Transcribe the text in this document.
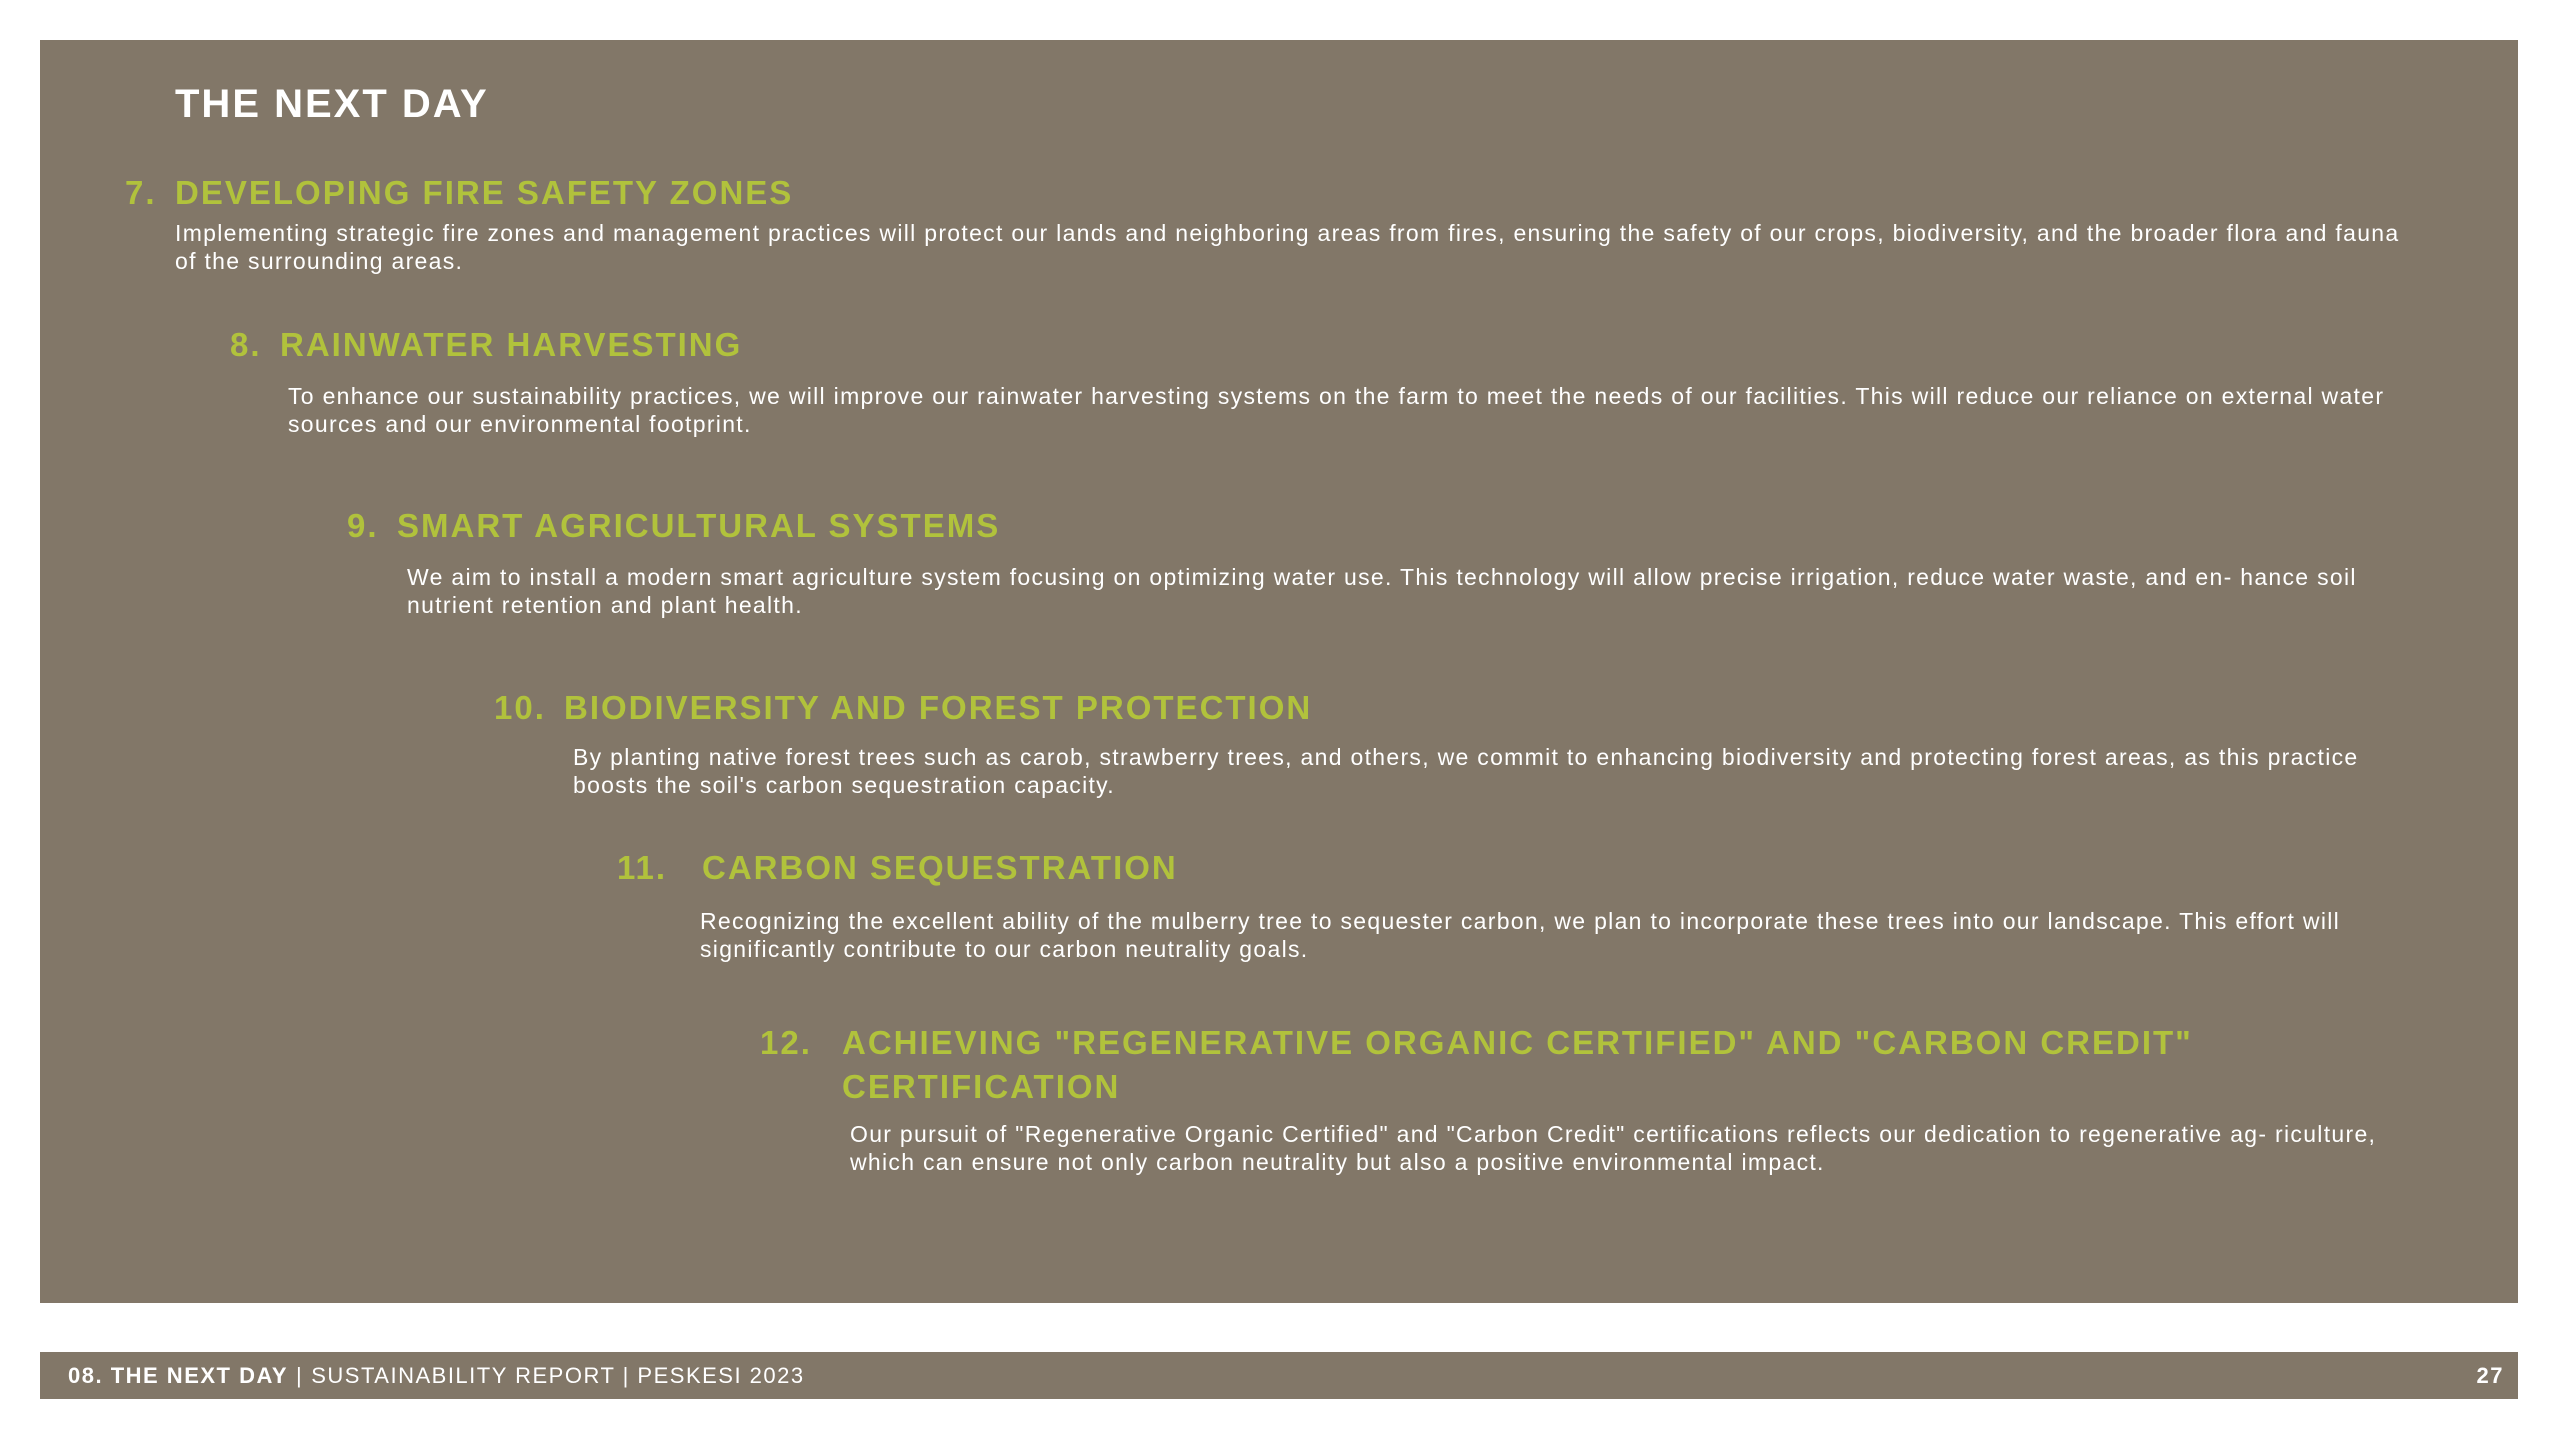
THE NEXT DAY
7. DEVELOPING FIRE SAFETY ZONES

Implementing strategic fire zones and management practices will protect our lands and neighboring areas from fires, ensuring the safety of our crops, biodiversity, and the broader flora and fauna of the surrounding areas.

8. RAINWATER HARVESTING

To enhance our sustainability practices, we will improve our rainwater harvesting systems on the farm to meet the needs of our facilities. This will reduce our reliance on external water sources and our environmental footprint.

9. SMART AGRICULTURAL SYSTEMS

We aim to install a modern smart agriculture system focusing on optimizing water use. This technology will allow precise irrigation, reduce water waste, and en- hance soil nutrient retention and plant health.

10. BIODIVERSITY AND FOREST PROTECTION

By planting native forest trees such as carob, strawberry trees, and others, we commit to enhancing biodiversity and protecting forest areas, as this practice boosts the soil's carbon sequestration capacity.

11.	CARBON SEQUESTRATION

Recognizing the excellent ability of the mulberry tree to sequester carbon, we plan to incorporate these trees into our landscape. This effort will significantly contribute to our carbon neutrality goals.

12. ACHIEVING "REGENERATIVE ORGANIC CERTIFIED" AND "CARBON CREDIT" CERTIFICATION

Our pursuit of "Regenerative Organic Certified" and "Carbon Credit" certifications reflects our dedication to regenerative ag- riculture, which can ensure not only carbon neutrality but also a positive environmental impact.

08. THE NEXT DAY | SUSTAINABILITY REPORT | PESKESI 2023	27
